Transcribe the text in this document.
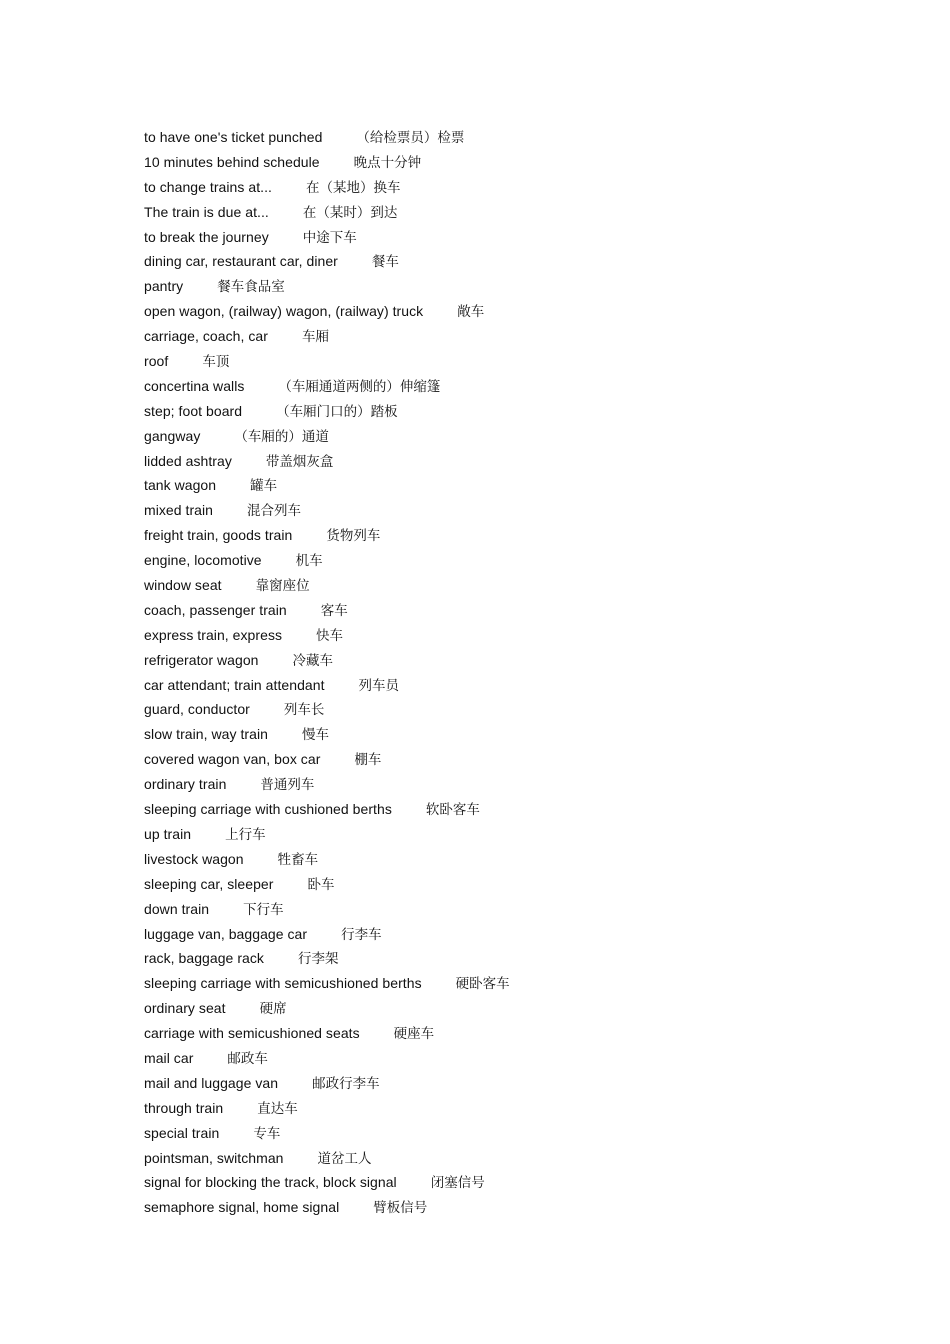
to have one's ticket punched	（给检票员）检票
10 minutes behind schedule	晚点十分钟
to change trains at...	在（某地）换车
The train is due at...	在（某时）到达
to break the journey	中途下车
dining car, restaurant car, diner	餐车
pantry	餐车食品室
open wagon, (railway) wagon, (railway) truck	敞车
carriage, coach, car	车厢
roof	车顶
concertina walls	（车厢通道两侧的）伸缩篷
step; foot board	（车厢门口的）踏板
gangway	（车厢的）通道
lidded ashtray	带盖烟灰盒
tank wagon	罐车
mixed train	混合列车
freight train, goods train	货物列车
engine, locomotive	机车
window seat	靠窗座位
coach, passenger train	客车
express train, express	快车
refrigerator wagon	冷藏车
car attendant; train attendant	列车员
guard, conductor	列车长
slow train, way train	慢车
covered wagon van, box car	棚车
ordinary train	普通列车
sleeping carriage with cushioned berths	软卧客车
up train	上行车
livestock wagon	牲畜车
sleeping car, sleeper	卧车
down train	下行车
luggage van, baggage car	行李车
rack, baggage rack	行李架
sleeping carriage with semicushioned berths	硬卧客车
ordinary seat	硬席
carriage with semicushioned seats	硬座车
mail car	邮政车
mail and luggage van	邮政行李车
through train	直达车
special train	专车
pointsman, switchman	道岔工人
signal for blocking the track, block signal	闭塞信号
semaphore signal, home signal	臂板信号
